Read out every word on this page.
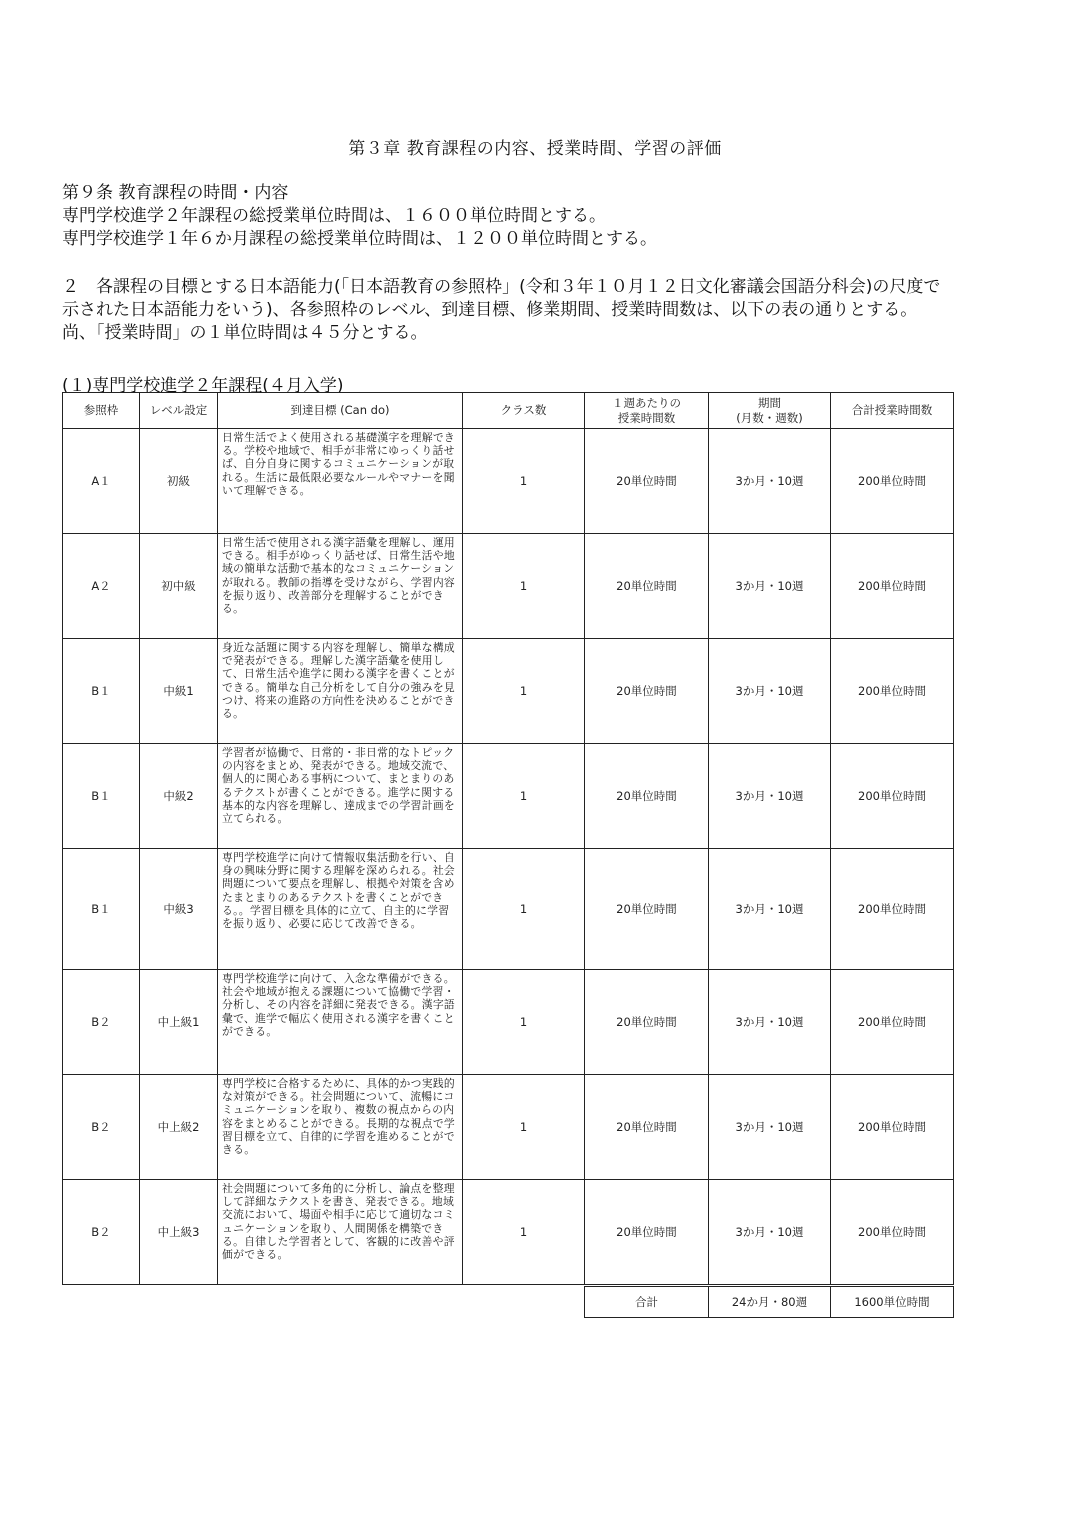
第３章 教育課程の内容、授業時間、学習の評価
第９条 教育課程の時間・内容
専門学校進学２年課程の総授業単位時間は、１６００単位時間とする。
専門学校進学１年６か月課程の総授業単位時間は、１２００単位時間とする。
２　各課程の目標とする日本語能力(「日本語教育の参照枠」(令和３年１０月１２日文化審議会国語分科会)の尺度で
示された日本語能力をいう)、各参照枠のレベル、到達目標、修業期間、授業時間数は、以下の表の通りとする。
尚、「授業時間」の１単位時間は４５分とする。
(１)専門学校進学２年課程(４月入学)
参照枠	レベル設定	到達目標 (Can do)	クラス数	１週あたりの
授業時間数	期間
(月数・週数)	合計授業時間数
A１	初級	日常生活でよく使用される基礎漢字を理解できる。学校や地域で、相手が非常にゆっくり話せば、自分自身に関するコミュニケーションが取れる。生活に最低限必要なルールやマナーを聞いて理解できる。	1	20単位時間	3か月・10週	200単位時間
A２	初中級	日常生活で使用される漢字語彙を理解し、運用できる。相手がゆっくり話せば、日常生活や地域の簡単な活動で基本的なコミュニケーションが取れる。教師の指導を受けながら、学習内容を振り返り、改善部分を理解することができる。	1	20単位時間	3か月・10週	200単位時間
B１	中級1	身近な話題に関する内容を理解し、簡単な構成で発表ができる。理解した漢字語彙を使用して、日常生活や進学に関わる漢字を書くことができる。簡単な自己分析をして自分の強みを見つけ、将来の進路の方向性を決めることができる。	1	20単位時間	3か月・10週	200単位時間
B１	中級2	学習者が協働で、日常的・非日常的なトピックの内容をまとめ、発表ができる。地域交流で、個人的に関心ある事柄について、まとまりのあるテクストが書くことができる。進学に関する基本的な内容を理解し、達成までの学習計画を立てられる。	1	20単位時間	3か月・10週	200単位時間
B１	中級3	専門学校進学に向けて情報収集活動を行い、自身の興味分野に関する理解を深められる。社会問題について要点を理解し、根拠や対策を含めたまとまりのあるテクストを書くことができる。。学習目標を具体的に立て、自主的に学習を振り返り、必要に応じて改善できる。	1	20単位時間	3か月・10週	200単位時間
B２	中上級1	専門学校進学に向けて、入念な準備ができる。社会や地域が抱える課題について協働で学習・分析し、その内容を詳細に発表できる。漢字語彙で、進学で幅広く使用される漢字を書くことができる。	1	20単位時間	3か月・10週	200単位時間
B２	中上級2	専門学校に合格するために、具体的かつ実践的な対策ができる。社会問題について、流暢にコミュニケーションを取り、複数の視点からの内容をまとめることができる。長期的な視点で学習目標を立て、自律的に学習を進めることができる。	1	20単位時間	3か月・10週	200単位時間
B２	中上級3	社会問題について多角的に分析し、論点を整理して詳細なテクストを書き、発表できる。地域交流において、場面や相手に応じて適切なコミュニケーションを取り、人間関係を構築できる。自律した学習者として、客観的に改善や評価ができる。	1	20単位時間	3か月・10週	200単位時間
合計	24か月・80週	1600単位時間
